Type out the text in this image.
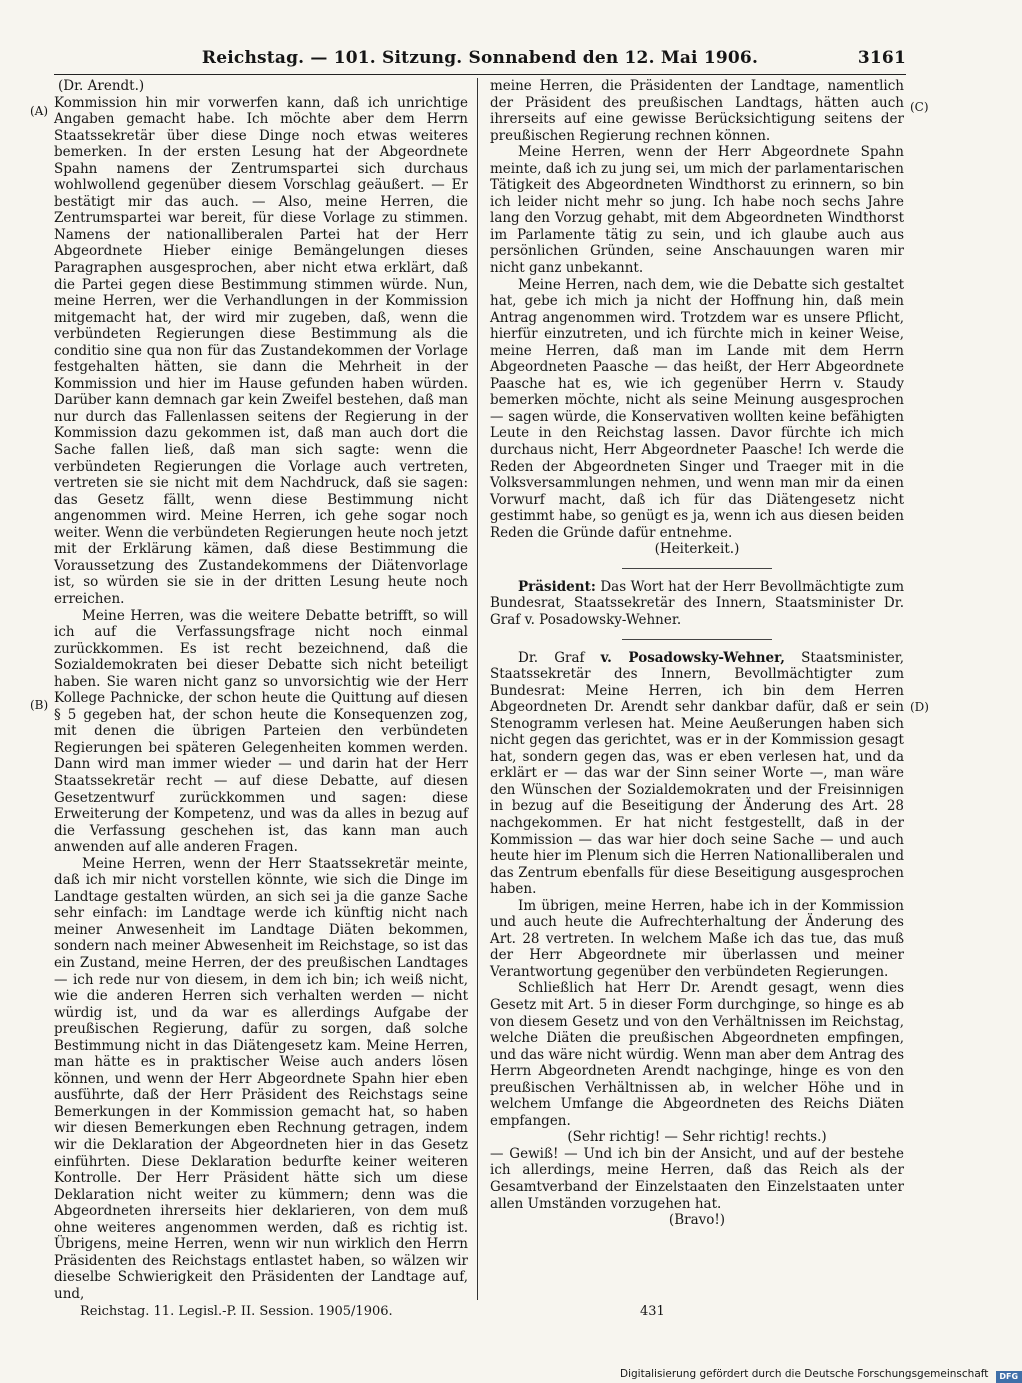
Reichstag. — 101. Sitzung. Sonnabend den 12. Mai 1906.	3161
(A)
(B)
(C)
(D)

(Dr. Arendt.)

Kommission hin mir vorwerfen kann, daß ich unrichtige Angaben gemacht habe. Ich möchte aber dem Herrn Staatssekretär über diese Dinge noch etwas weiteres bemerken. In der ersten Lesung hat der Abgeordnete Spahn namens der Zentrumspartei sich durchaus wohlwollend gegenüber diesem Vorschlag geäußert. — Er bestätigt mir das auch. — Also, meine Herren, die Zentrumspartei war bereit, für diese Vorlage zu stimmen. Namens der nationalliberalen Partei hat der Herr Abgeordnete Hieber einige Bemängelungen dieses Paragraphen ausgesprochen, aber nicht etwa erklärt, daß die Partei gegen diese Bestimmung stimmen würde. Nun, meine Herren, wer die Verhandlungen in der Kommission mitgemacht hat, der wird mir zugeben, daß, wenn die verbündeten Regierungen diese Bestimmung als die conditio sine qua non für das Zustandekommen der Vorlage festgehalten hätten, sie dann die Mehrheit in der Kommission und hier im Hause gefunden haben würden. Darüber kann demnach gar kein Zweifel bestehen, daß man nur durch das Fallenlassen seitens der Regierung in der Kommission dazu gekommen ist, daß man auch dort die Sache fallen ließ, daß man sich sagte: wenn die verbündeten Regierungen die Vorlage auch vertreten, vertreten sie sie nicht mit dem Nachdruck, daß sie sagen: das Gesetz fällt, wenn diese Bestimmung nicht angenommen wird. Meine Herren, ich gehe sogar noch weiter. Wenn die verbündeten Regierungen heute noch jetzt mit der Erklärung kämen, daß diese Bestimmung die Voraussetzung des Zustandekommens der Diätenvorlage ist, so würden sie sie in der dritten Lesung heute noch erreichen.

Meine Herren, was die weitere Debatte betrifft, so will ich auf die Verfassungsfrage nicht noch einmal zurückkommen. Es ist recht bezeichnend, daß die Sozialdemokraten bei dieser Debatte sich nicht beteiligt haben. Sie waren nicht ganz so unvorsichtig wie der Herr Kollege Pachnicke, der schon heute die Quittung auf diesen § 5 gegeben hat, der schon heute die Konsequenzen zog, mit denen die übrigen Parteien den verbündeten Regierungen bei späteren Gelegenheiten kommen werden. Dann wird man immer wieder — und darin hat der Herr Staatssekretär recht — auf diese Debatte, auf diesen Gesetzentwurf zurückkommen und sagen: diese Erweiterung der Kompetenz, und was da alles in bezug auf die Verfassung geschehen ist, das kann man auch anwenden auf alle anderen Fragen.

Meine Herren, wenn der Herr Staatssekretär meinte, daß ich mir nicht vorstellen könnte, wie sich die Dinge im Landtage gestalten würden, an sich sei ja die ganze Sache sehr einfach: im Landtage werde ich künftig nicht nach meiner Anwesenheit im Landtage Diäten bekommen, sondern nach meiner Abwesenheit im Reichstage, so ist das ein Zustand, meine Herren, der des preußischen Landtages — ich rede nur von diesem, in dem ich bin; ich weiß nicht, wie die anderen Herren sich verhalten werden — nicht würdig ist, und da war es allerdings Aufgabe der preußischen Regierung, dafür zu sorgen, daß solche Bestimmung nicht in das Diätengesetz kam. Meine Herren, man hätte es in praktischer Weise auch anders lösen können, und wenn der Herr Abgeordnete Spahn hier eben ausführte, daß der Herr Präsident des Reichstags seine Bemerkungen in der Kommission gemacht hat, so haben wir diesen Bemerkungen eben Rechnung getragen, indem wir die Deklaration der Abgeordneten hier in das Gesetz einführten. Diese Deklaration bedurfte keiner weiteren Kontrolle. Der Herr Präsident hätte sich um diese Deklaration nicht weiter zu kümmern; denn was die Abgeordneten ihrerseits hier deklarieren, von dem muß ohne weiteres angenommen werden, daß es richtig ist. Übrigens, meine Herren, wenn wir nun wirklich den Herrn Präsidenten des Reichstags entlastet haben, so wälzen wir dieselbe Schwierigkeit den Präsidenten der Landtage auf, und,

meine Herren, die Präsidenten der Landtage, namentlich der Präsident des preußischen Landtags, hätten auch ihrerseits auf eine gewisse Berücksichtigung seitens der preußischen Regierung rechnen können.

Meine Herren, wenn der Herr Abgeordnete Spahn meinte, daß ich zu jung sei, um mich der parlamentarischen Tätigkeit des Abgeordneten Windthorst zu erinnern, so bin ich leider nicht mehr so jung. Ich habe noch sechs Jahre lang den Vorzug gehabt, mit dem Abgeordneten Windthorst im Parlamente tätig zu sein, und ich glaube auch aus persönlichen Gründen, seine Anschauungen waren mir nicht ganz unbekannt.

Meine Herren, nach dem, wie die Debatte sich gestaltet hat, gebe ich mich ja nicht der Hoffnung hin, daß mein Antrag angenommen wird. Trotzdem war es unsere Pflicht, hierfür einzutreten, und ich fürchte mich in keiner Weise, meine Herren, daß man im Lande mit dem Herrn Abgeordneten Paasche — das heißt, der Herr Abgeordnete Paasche hat es, wie ich gegenüber Herrn v. Staudy bemerken möchte, nicht als seine Meinung ausgesprochen — sagen würde, die Konservativen wollten keine befähigten Leute in den Reichstag lassen. Davor fürchte ich mich durchaus nicht, Herr Abgeordneter Paasche! Ich werde die Reden der Abgeordneten Singer und Traeger mit in die Volksversammlungen nehmen, und wenn man mir da einen Vorwurf macht, daß ich für das Diätengesetz nicht gestimmt habe, so genügt es ja, wenn ich aus diesen beiden Reden die Gründe dafür entnehme.

(Heiterkeit.)

Präsident: Das Wort hat der Herr Bevollmächtigte zum Bundesrat, Staatssekretär des Innern, Staatsminister Dr. Graf v. Posadowsky-Wehner.

Dr. Graf v. Posadowsky-Wehner, Staatsminister, Staatssekretär des Innern, Bevollmächtigter zum Bundesrat: Meine Herren, ich bin dem Herren Abgeordneten Dr. Arendt sehr dankbar dafür, daß er sein Stenogramm verlesen hat. Meine Aeußerungen haben sich nicht gegen das gerichtet, was er in der Kommission gesagt hat, sondern gegen das, was er eben verlesen hat, und da erklärt er — das war der Sinn seiner Worte —, man wäre den Wünschen der Sozialdemokraten und der Freisinnigen in bezug auf die Beseitigung der Änderung des Art. 28 nachgekommen. Er hat nicht festgestellt, daß in der Kommission — das war hier doch seine Sache — und auch heute hier im Plenum sich die Herren Nationalliberalen und das Zentrum ebenfalls für diese Beseitigung ausgesprochen haben.

Im übrigen, meine Herren, habe ich in der Kommission und auch heute die Aufrechterhaltung der Änderung des Art. 28 vertreten. In welchem Maße ich das tue, das muß der Herr Abgeordnete mir überlassen und meiner Verantwortung gegenüber den verbündeten Regierungen.

Schließlich hat Herr Dr. Arendt gesagt, wenn dies Gesetz mit Art. 5 in dieser Form durchginge, so hinge es ab von diesem Gesetz und von den Verhältnissen im Reichstag, welche Diäten die preußischen Abgeordneten empfingen, und das wäre nicht würdig. Wenn man aber dem Antrag des Herrn Abgeordneten Arendt nachginge, hinge es von den preußischen Verhältnissen ab, in welcher Höhe und in welchem Umfange die Abgeordneten des Reichs Diäten empfangen.

(Sehr richtig! — Sehr richtig! rechts.)

— Gewiß! — Und ich bin der Ansicht, und auf der bestehe ich allerdings, meine Herren, daß das Reich als der Gesamtverband der Einzelstaaten den Einzelstaaten unter allen Umständen vorzugehen hat.

(Bravo!)

Reichstag. 11. Legisl.-P. II. Session. 1905/1906.	431
Digitalisierung gefördert durch die Deutsche Forschungsgemeinschaft DFG
